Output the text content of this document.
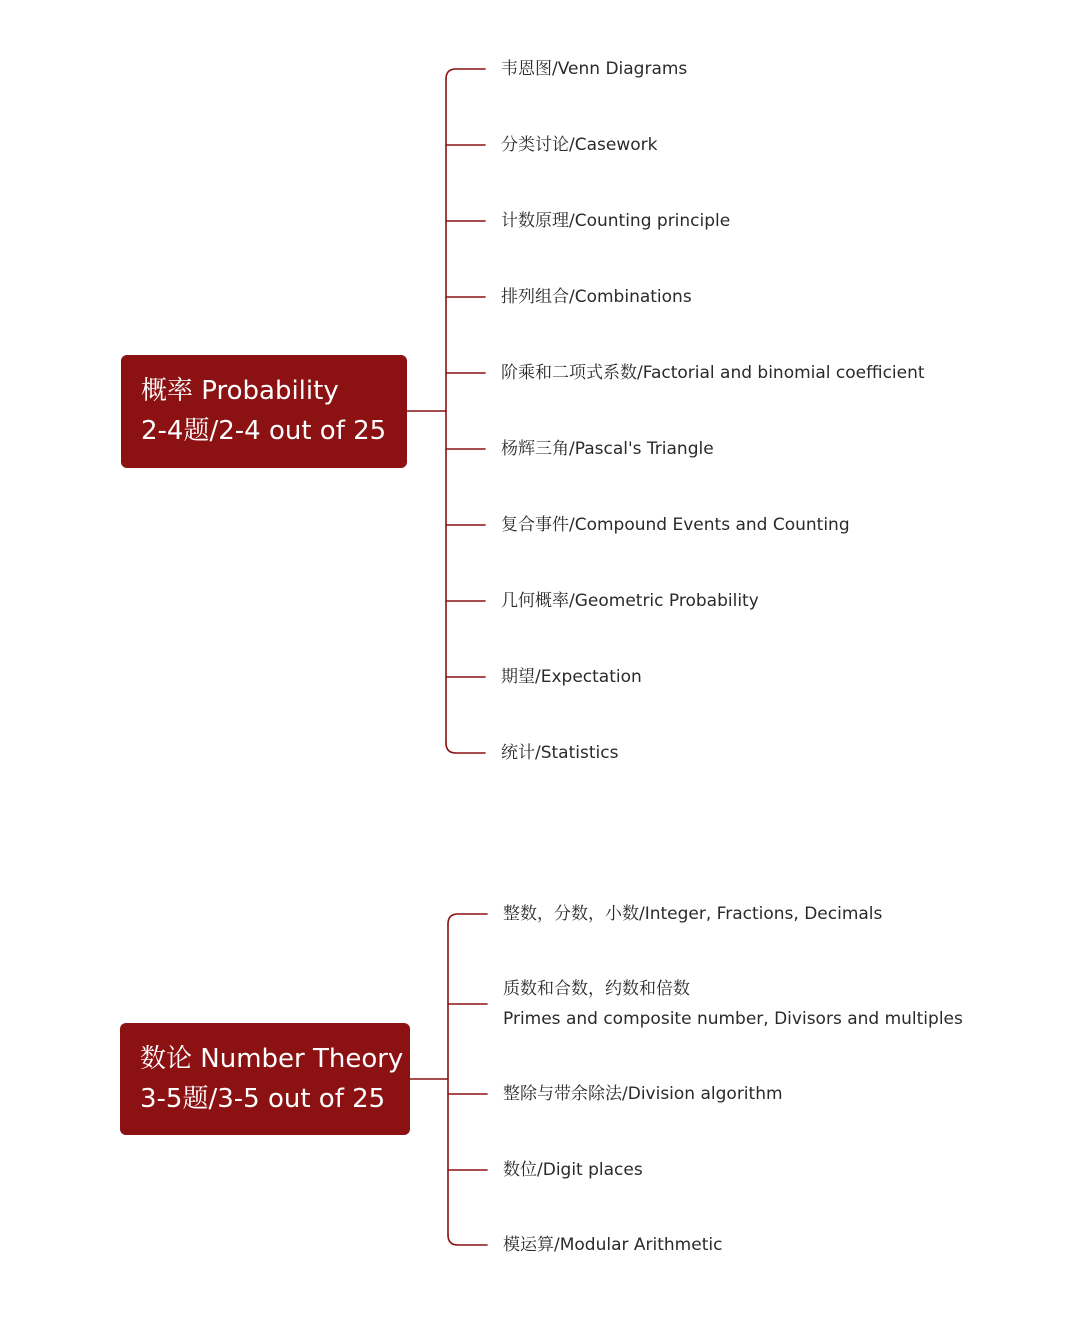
概率 Probability
2-4题/2-4 out of 25
韦恩图/Venn Diagrams
分类讨论/Casework
计数原理/Counting principle
排列组合/Combinations
阶乘和二项式系数/Factorial and binomial coefficient
杨辉三角/Pascal's Triangle
复合事件/Compound Events and Counting
几何概率/Geometric Probability
期望/Expectation
统计/Statistics
数论 Number Theory
3-5题/3-5 out of 25
整数，分数，小数/Integer, Fractions, Decimals
质数和合数，约数和倍数
Primes and composite number, Divisors and multiples
整除与带余除法/Division algorithm
数位/Digit places
模运算/Modular Arithmetic
